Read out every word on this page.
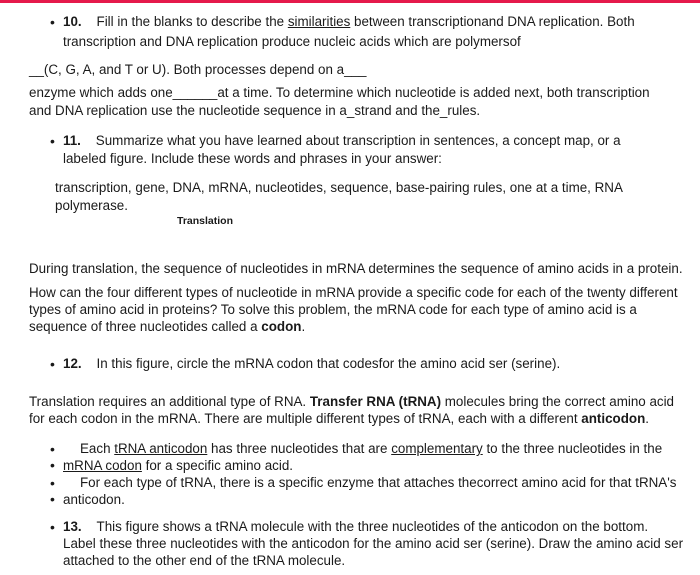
• 10. Fill in the blanks to describe the similarities between transcriptionand DNA replication. Both
transcription and DNA replication produce nucleic acids which are polymersof
__(C, G, A, and T or U). Both processes depend on a___
enzyme which adds one______at a time. To determine which nucleotide is added next, both transcription
and DNA replication use the nucleotide sequence in a_strand and the_rules.
• 11. Summarize what you have learned about transcription in sentences, a concept map, or a
labeled figure. Include these words and phrases in your answer:
transcription, gene, DNA, mRNA, nucleotides, sequence, base-pairing rules, one at a time, RNA
polymerase.
Translation
During translation, the sequence of nucleotides in mRNA determines the sequence of amino acids in a protein.
How can the four different types of nucleotide in mRNA provide a specific code for each of the twenty different
types of amino acid in proteins? To solve this problem, the mRNA code for each type of amino acid is a
sequence of three nucleotides called a codon.
• 12. In this figure, circle the mRNA codon that codesfor the amino acid ser (serine).
Translation requires an additional type of RNA. Transfer RNA (tRNA) molecules bring the correct amino acid
for each codon in the mRNA. There are multiple different types of tRNA, each with a different anticodon.
• •
Each tRNA anticodon has three nucleotides that are complementary to the three nucleotides in the
mRNA codon for a specific amino acid.
• •
For each type of tRNA, there is a specific enzyme that attaches thecorrect amino acid for that tRNA's
anticodon.
• 13. This figure shows a tRNA molecule with the three nucleotides of the anticodon on the bottom.
Label these three nucleotides with the anticodon for the amino acid ser (serine). Draw the amino acid ser
attached to the other end of the tRNA molecule.
